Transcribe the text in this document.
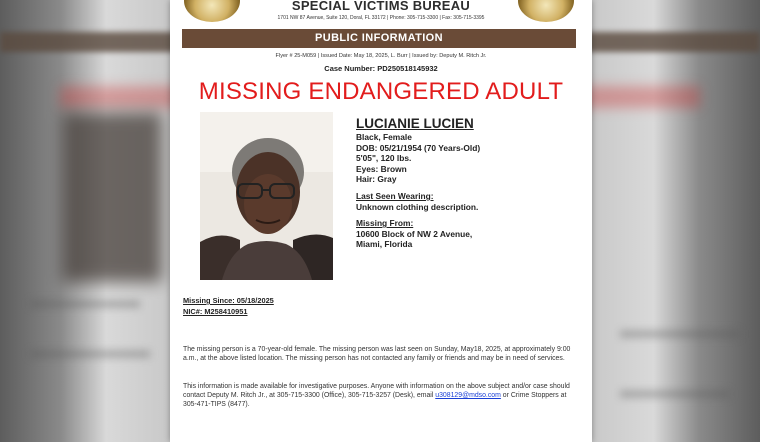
SPECIAL VICTIMS BUREAU
1701 NW 87 Avenue, Suite 120, Doral, FL 33172 | Phone: 305-715-3300 | Fax: 305-715-3395
PUBLIC INFORMATION
Flyer # 25-M059 | Issued Date: May 18, 2025, L. Burr | Issued by: Deputy M. Ritch Jr.
Case Number: PD250518145932
MISSING ENDANGERED ADULT
LUCIANIE LUCIEN
Black, Female
DOB: 05/21/1954 (70 Years-Old)
5'05", 120 lbs.
Eyes: Brown
Hair: Gray
Last Seen Wearing:
Unknown clothing description.
Missing From:
10600 Block of NW 2 Avenue,
Miami, Florida
Missing Since: 05/18/2025
NIC#: M258410951
The missing person is a 70-year-old female. The missing person was last seen on Sunday, May18, 2025, at approximately 9:00 a.m., at the above listed location. The missing person has not contacted any family or friends and may be in need of services.
This information is made available for investigative purposes. Anyone with information on the above subject and/or case should contact Deputy M. Ritch Jr., at 305-715-3300 (Office), 305-715-3257 (Desk), email u308129@mdso.com or Crime Stoppers at 305-471-TIPS (8477).
